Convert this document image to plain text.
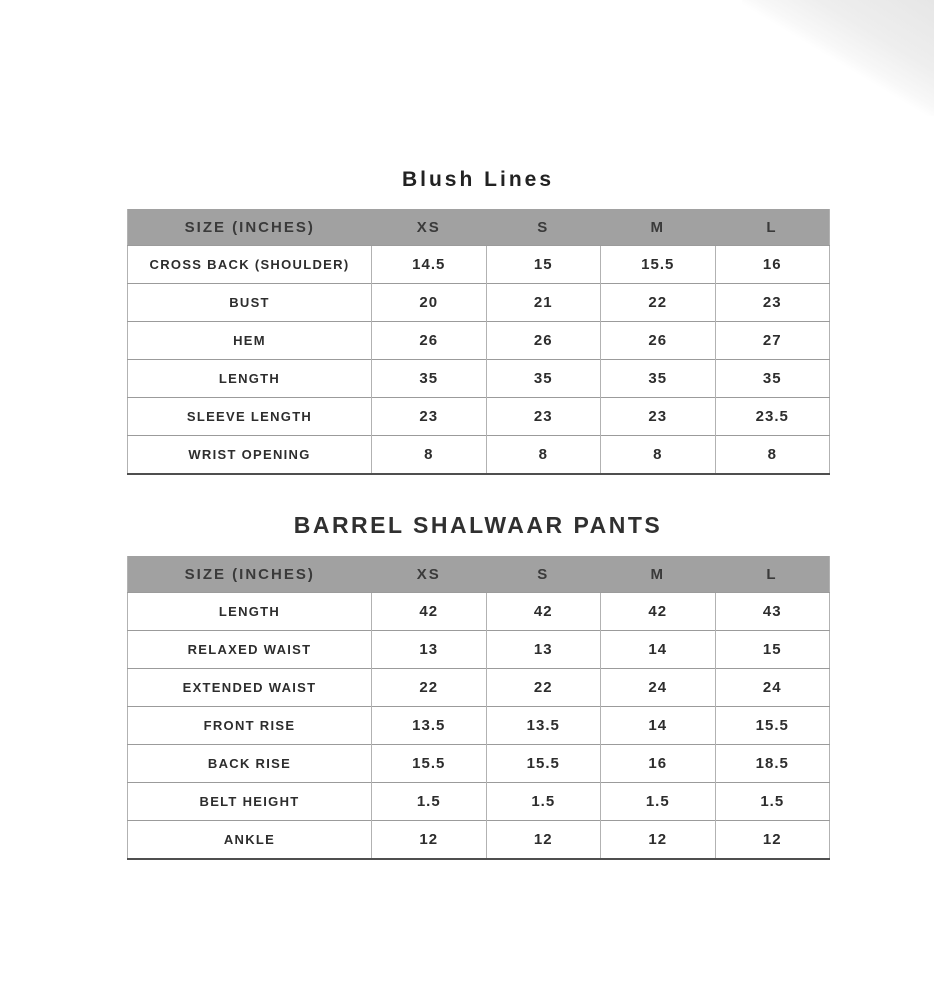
Blush Lines
SIZE (INCHES)	XS	S	M	L
CROSS BACK (SHOULDER)	14.5	15	15.5	16
BUST	20	21	22	23
HEM	26	26	26	27
LENGTH	35	35	35	35
SLEEVE LENGTH	23	23	23	23.5
WRIST OPENING	8	8	8	8
BARREL SHALWAAR PANTS
SIZE (INCHES)	XS	S	M	L
LENGTH	42	42	42	43
RELAXED WAIST	13	13	14	15
EXTENDED WAIST	22	22	24	24
FRONT RISE	13.5	13.5	14	15.5
BACK RISE	15.5	15.5	16	18.5
BELT HEIGHT	1.5	1.5	1.5	1.5
ANKLE	12	12	12	12
